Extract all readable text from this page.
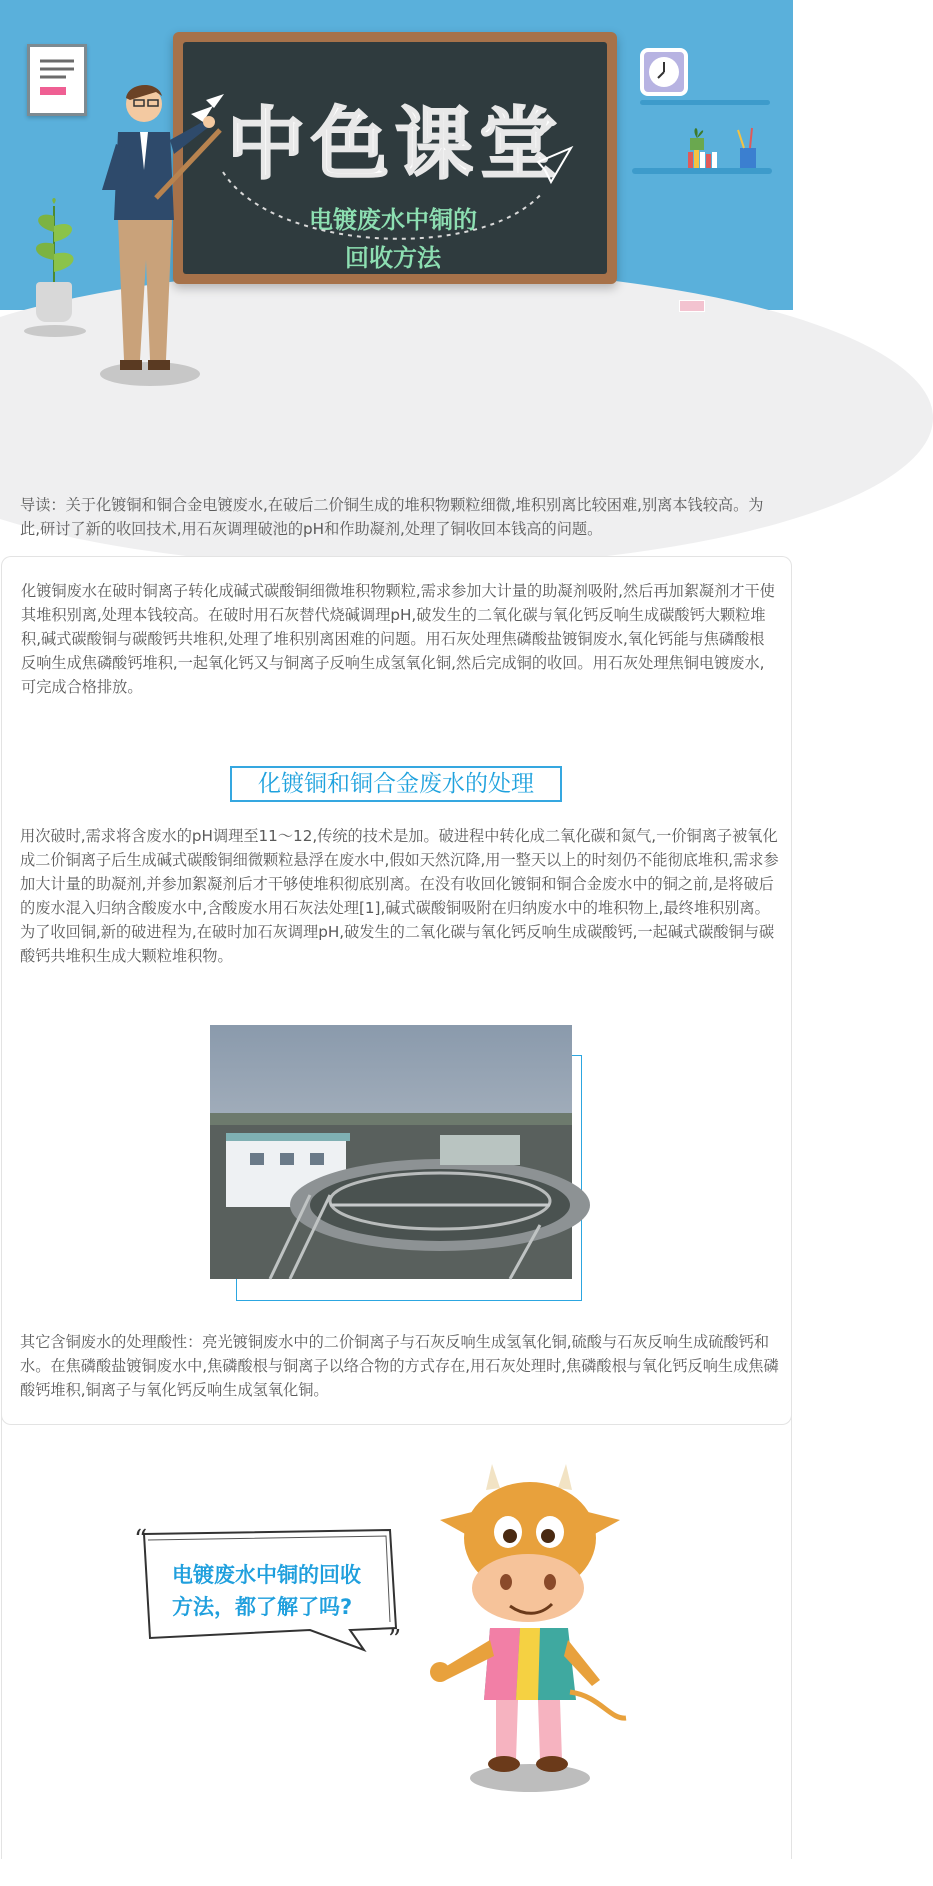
中色课堂
电镀废水中铜的
回收方法
导读：关于化镀铜和铜合金电镀废水,在破后二价铜生成的堆积物颗粒细微,堆积别离比较困难,别离本钱较高。为此,研讨了新的收回技术,用石灰调理破池的pH和作助凝剂,处理了铜收回本钱高的问题。
化镀铜废水在破时铜离子转化成碱式碳酸铜细微堆积物颗粒,需求参加大计量的助凝剂吸附,然后再加絮凝剂才干使其堆积别离,处理本钱较高。在破时用石灰替代烧碱调理pH,破发生的二氧化碳与氧化钙反响生成碳酸钙大颗粒堆积,碱式碳酸铜与碳酸钙共堆积,处理了堆积别离困难的问题。用石灰处理焦磷酸盐镀铜废水,氧化钙能与焦磷酸根反响生成焦磷酸钙堆积,一起氧化钙又与铜离子反响生成氢氧化铜,然后完成铜的收回。用石灰处理焦铜电镀废水,可完成合格排放。
化镀铜和铜合金废水的处理
用次破时,需求将含废水的pH调理至11～12,传统的技术是加。破进程中转化成二氧化碳和氮气,一价铜离子被氧化成二价铜离子后生成碱式碳酸铜细微颗粒悬浮在废水中,假如天然沉降,用一整天以上的时刻仍不能彻底堆积,需求参加大计量的助凝剂,并参加絮凝剂后才干够使堆积彻底别离。在没有收回化镀铜和铜合金废水中的铜之前,是将破后的废水混入归纳含酸废水中,含酸废水用石灰法处理[1],碱式碳酸铜吸附在归纳废水中的堆积物上,最终堆积别离。
为了收回铜,新的破进程为,在破时加石灰调理pH,破发生的二氧化碳与氧化钙反响生成碳酸钙,一起碱式碳酸铜与碳酸钙共堆积生成大颗粒堆积物。
其它含铜废水的处理酸性：亮光镀铜废水中的二价铜离子与石灰反响生成氢氧化铜,硫酸与石灰反响生成硫酸钙和水。在焦磷酸盐镀铜废水中,焦磷酸根与铜离子以络合物的方式存在,用石灰处理时,焦磷酸根与氧化钙反响生成焦磷酸钙堆积,铜离子与氧化钙反响生成氢氧化铜。
“
”
电镀废水中铜的回收
方法，都了解了吗?
